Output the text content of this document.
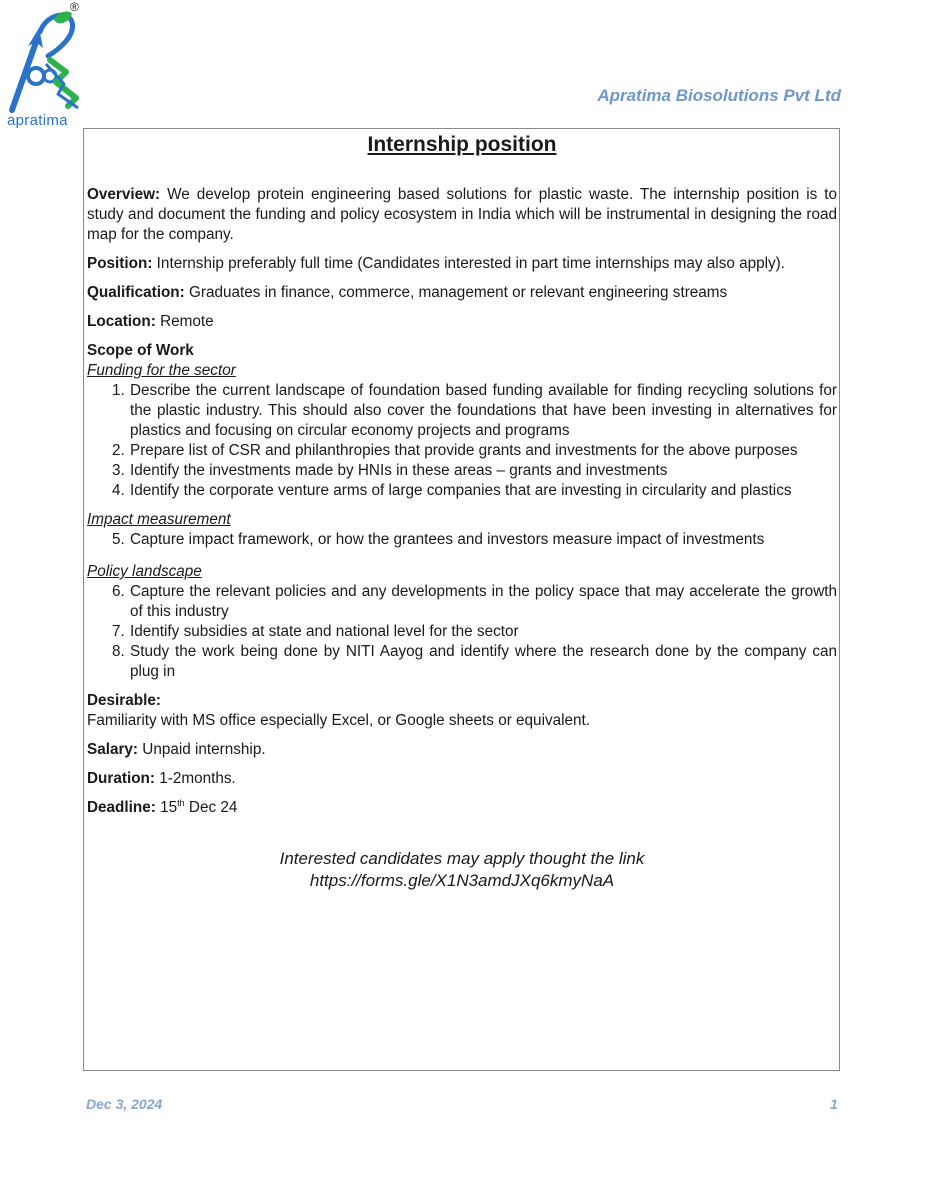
®
apratima
Apratima Biosolutions Pvt Ltd
Internship position

Overview: We develop protein engineering based solutions for plastic waste. The internship position is to study and document the funding and policy ecosystem in India which will be instrumental in designing the road map for the company.

Position: Internship preferably full time (Candidates interested in part time internships may also apply).

Qualification: Graduates in finance, commerce, management or relevant engineering streams

Location: Remote

Scope of Work

Funding for the sector

1. Describe the current landscape of foundation based funding available for finding recycling solutions for the plastic industry. This should also cover the foundations that have been investing in alternatives for plastics and focusing on circular economy projects and programs
2. Prepare list of CSR and philanthropies that provide grants and investments for the above purposes
3. Identify the investments made by HNIs in these areas – grants and investments
4. Identify the corporate venture arms of large companies that are investing in circularity and plastics

Impact measurement

5. Capture impact framework, or how the grantees and investors measure impact of investments

Policy landscape

6. Capture the relevant policies and any developments in the policy space that may accelerate the growth of this industry
7. Identify subsidies at state and national level for the sector
8. Study the work being done by NITI Aayog and identify where the research done by the company can plug in

Desirable:

Familiarity with MS office especially Excel, or Google sheets or equivalent.

Salary: Unpaid internship.

Duration: 1-2months.

Deadline: 15th Dec 24

Interested candidates may apply thought the link
https://forms.gle/X1N3amdJXq6kmyNaA
Dec 3, 2024	1
